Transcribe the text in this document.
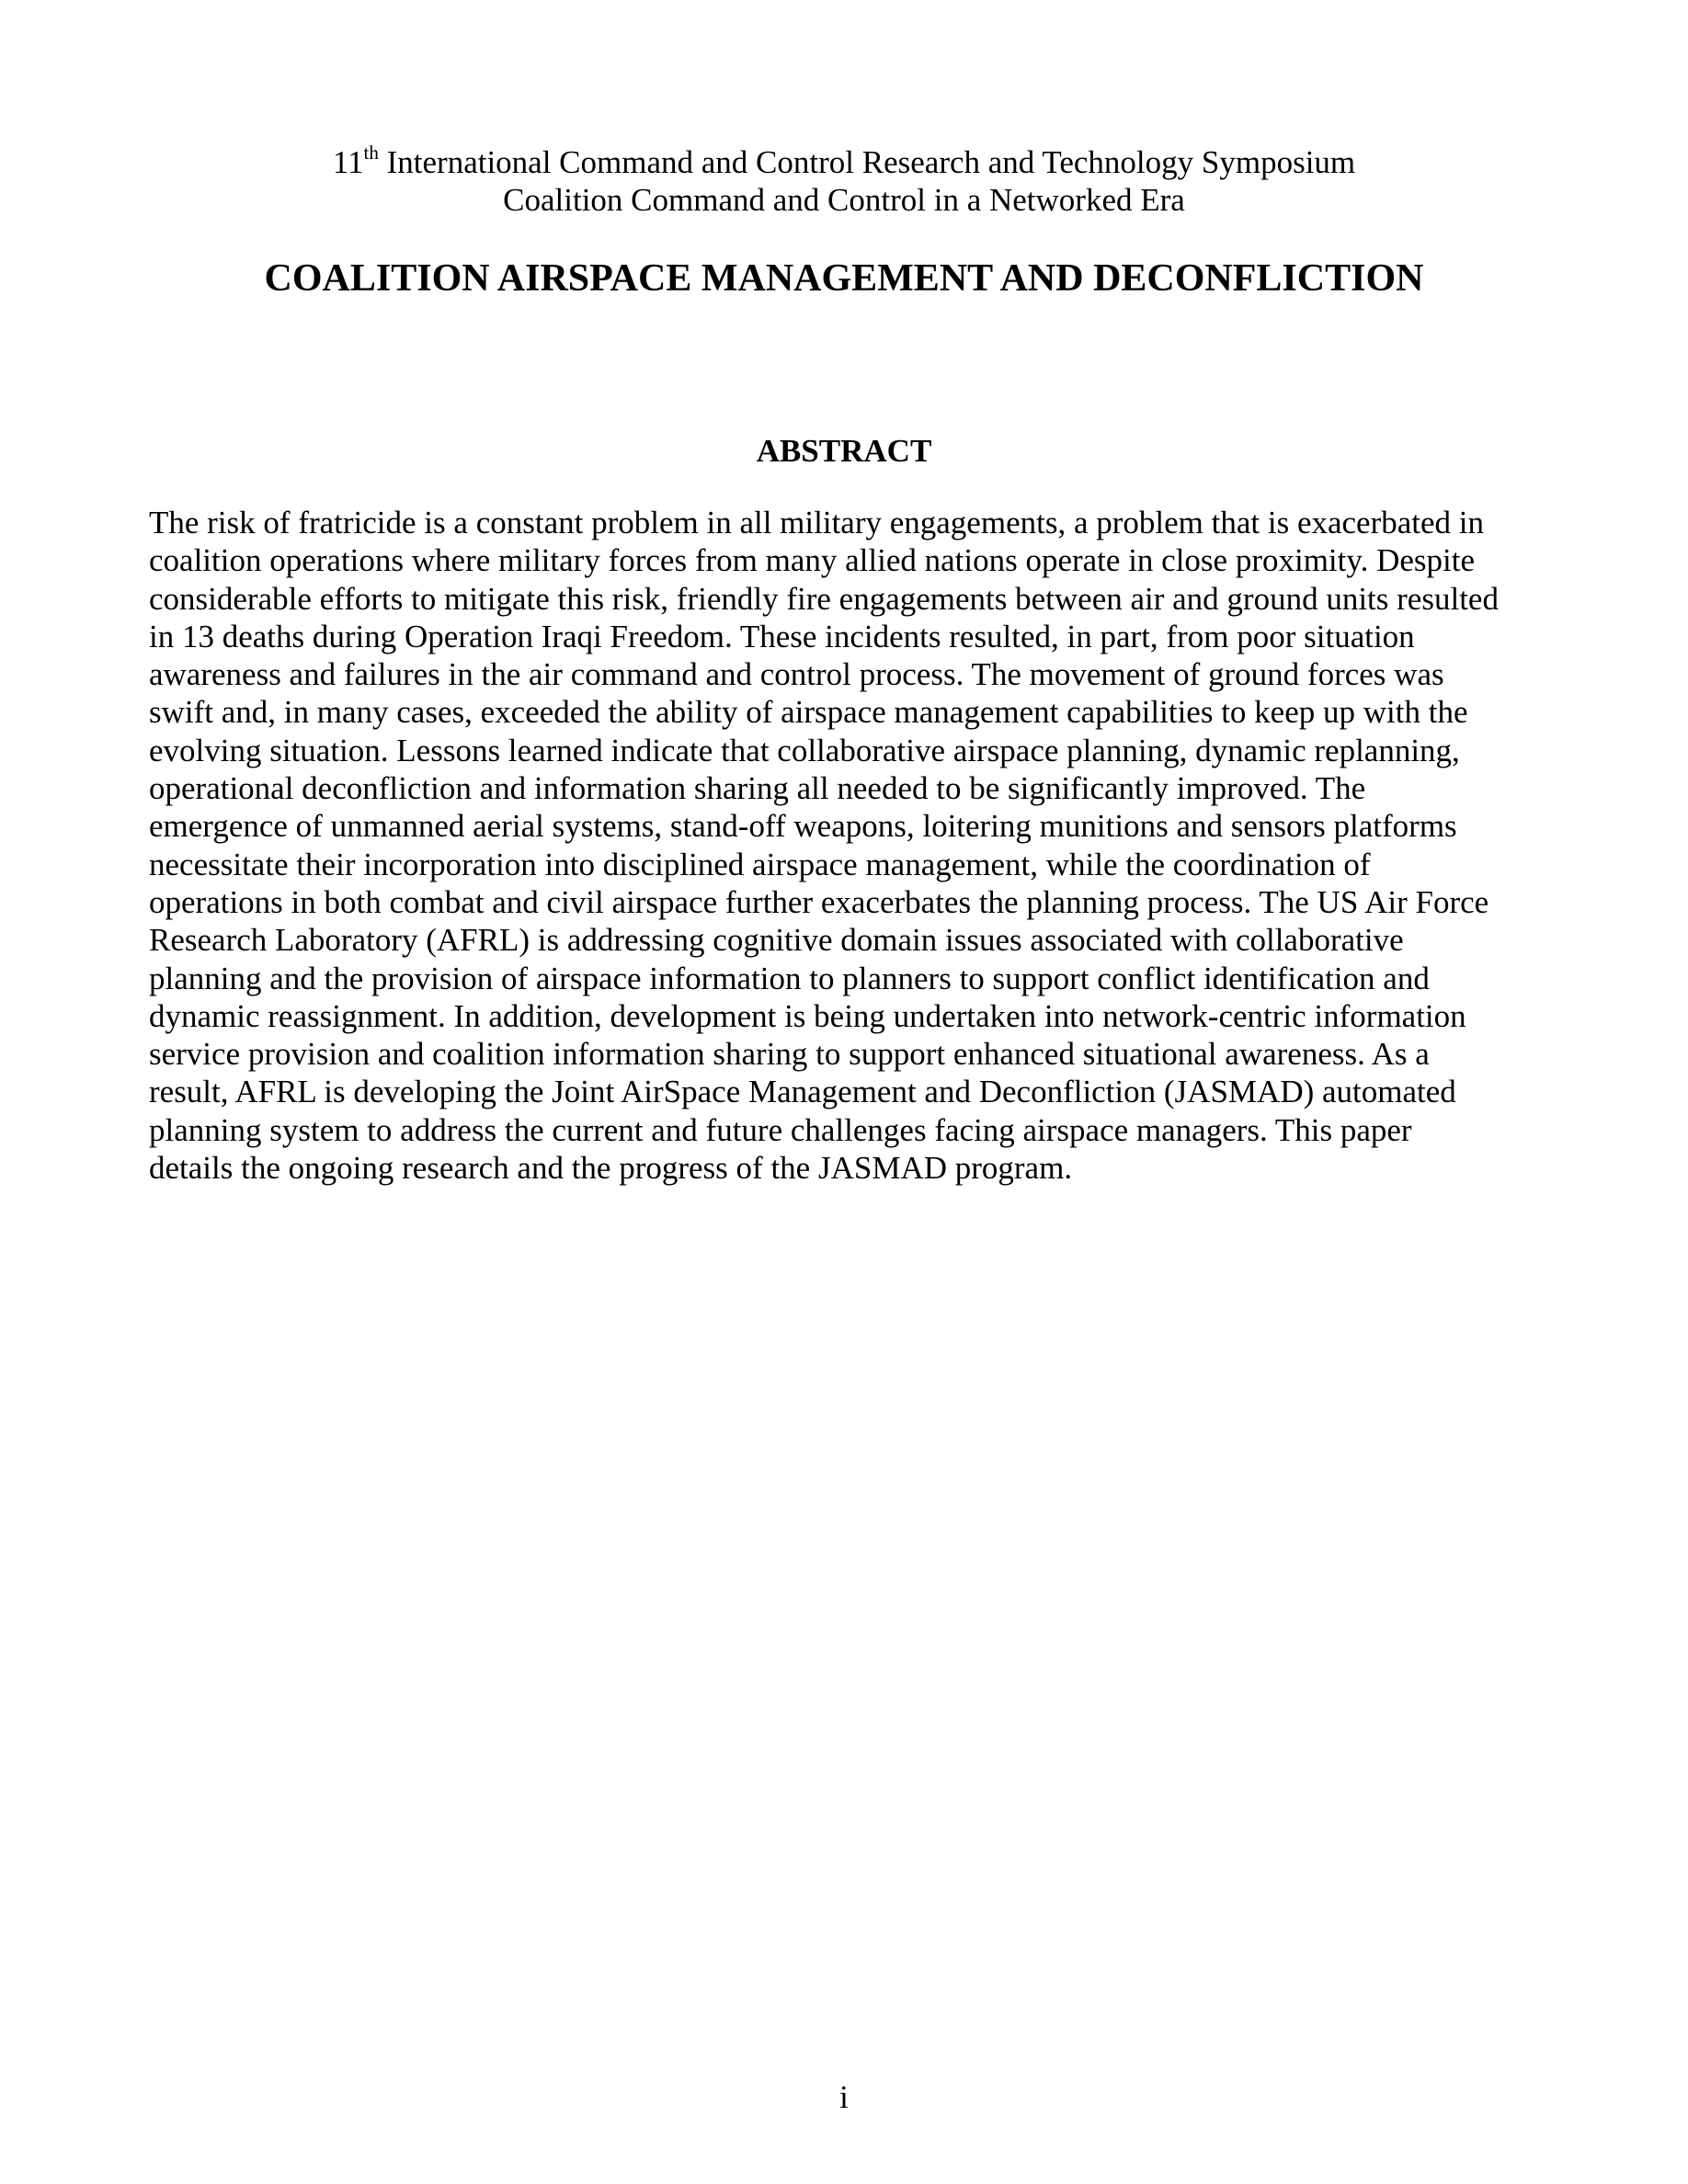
11th International Command and Control Research and Technology Symposium
Coalition Command and Control in a Networked Era
COALITION AIRSPACE MANAGEMENT AND DECONFLICTION
ABSTRACT

The risk of fratricide is a constant problem in all military engagements, a problem that is exacerbated in
coalition operations where military forces from many allied nations operate in close proximity. Despite
considerable efforts to mitigate this risk, friendly fire engagements between air and ground units resulted
in 13 deaths during Operation Iraqi Freedom. These incidents resulted, in part, from poor situation
awareness and failures in the air command and control process. The movement of ground forces was
swift and, in many cases, exceeded the ability of airspace management capabilities to keep up with the
evolving situation. Lessons learned indicate that collaborative airspace planning, dynamic replanning,
operational deconfliction and information sharing all needed to be significantly improved. The
emergence of unmanned aerial systems, stand-off weapons, loitering munitions and sensors platforms
necessitate their incorporation into disciplined airspace management, while the coordination of
operations in both combat and civil airspace further exacerbates the planning process. The US Air Force
Research Laboratory (AFRL) is addressing cognitive domain issues associated with collaborative
planning and the provision of airspace information to planners to support conflict identification and
dynamic reassignment. In addition, development is being undertaken into network-centric information
service provision and coalition information sharing to support enhanced situational awareness. As a
result, AFRL is developing the Joint AirSpace Management and Deconfliction (JASMAD) automated
planning system to address the current and future challenges facing airspace managers. This paper
details the ongoing research and the progress of the JASMAD program.

i
